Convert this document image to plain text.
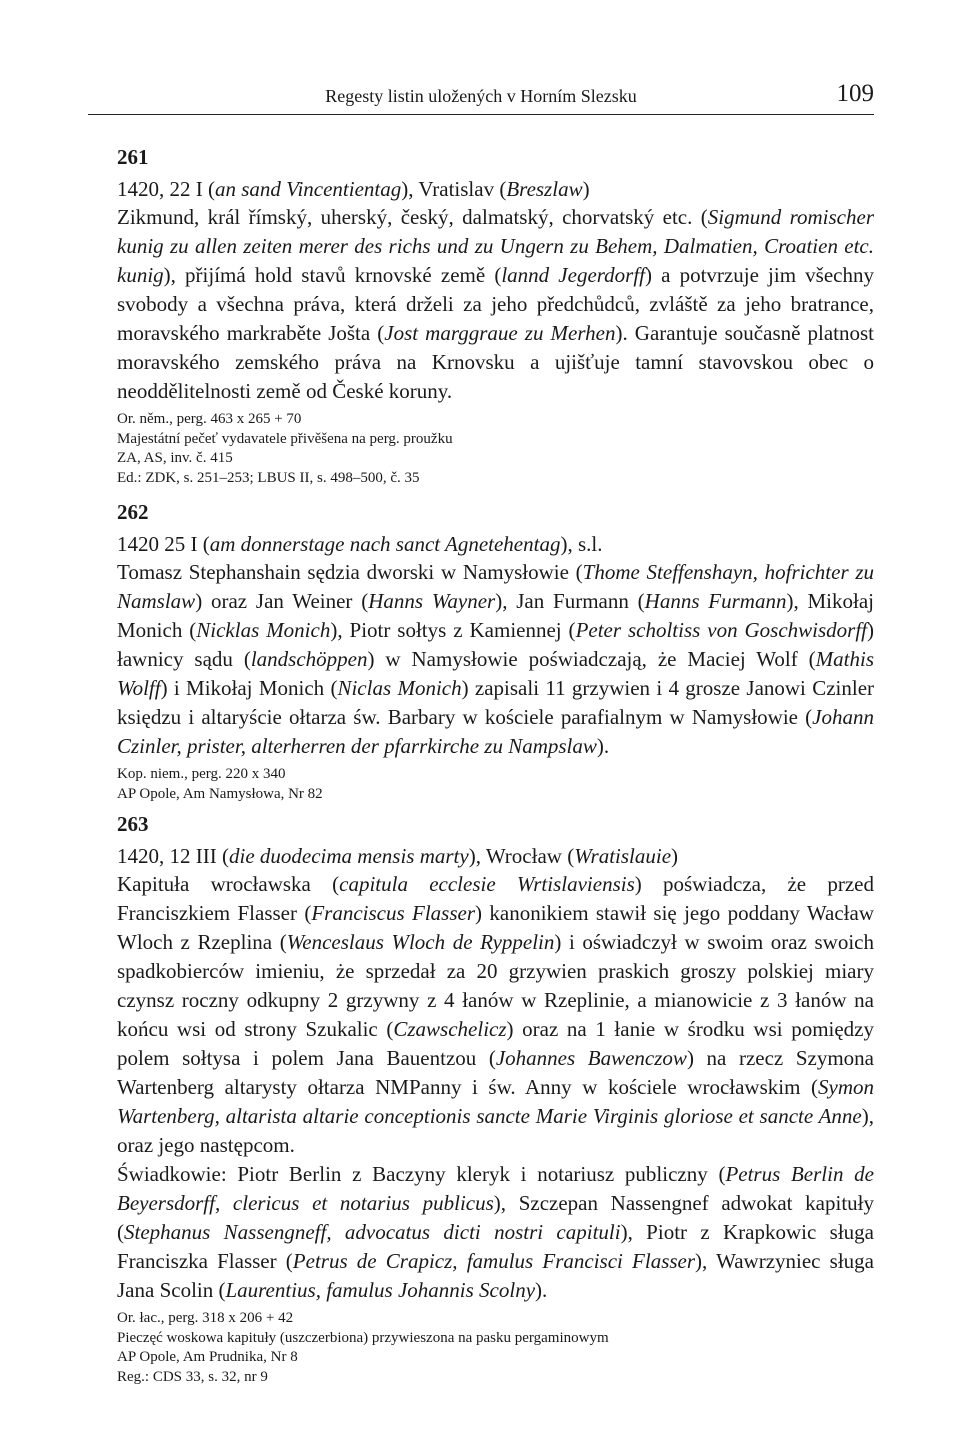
Regesty listin uložených v Horním Slezsku	109
261
1420, 22 I (an sand Vincentientag), Vratislav (Breszlaw)
Zikmund, král římský, uherský, český, dalmatský, chorvatský etc. (Sigmund romischer kunig zu allen zeiten merer des richs und zu Ungern zu Behem, Dalmatien, Croatien etc. kunig), přijímá hold stavů krnovské země (lannd Jegerdorff) a potvrzuje jim všechny svobody a všechna práva, která drželi za jeho předchůdců, zvláště za jeho bratrance, moravského markraběte Jošta (Jost marggraue zu Merhen). Garantuje současně platnost moravského zemského práva na Krnovsku a ujišťuje tamní stavovskou obec o neoddělitelnosti země od České koruny.
Or. něm., perg. 463 x 265 + 70
Majestátní pečeť vydavatele přivěšena na perg. proužku
ZA, AS, inv. č. 415
Ed.: ZDK, s. 251–253; LBUS II, s. 498–500, č. 35
262
1420 25 I (am donnerstage nach sanct Agnetehentag), s.l.
Tomasz Stephanshain sędzia dworski w Namysłowie (Thome Steffenshayn, hofrichter zu Namslaw) oraz Jan Weiner (Hanns Wayner), Jan Furmann (Hanns Furmann), Mikołaj Monich (Nicklas Monich), Piotr sołtys z Kamiennej (Peter scholtiss von Goschwisdorff) ławnicy sądu (landschöppen) w Namysłowie poświadczają, że Maciej Wolf (Mathis Wolff) i Mikołaj Monich (Niclas Monich) zapisali 11 grzywien i 4 grosze Janowi Czinler księdzu i altaryście ołtarza św. Barbary w kościele parafialnym w Namysłowie (Johann Czinler, prister, alterherren der pfarrkirche zu Nampslaw).
Kop. niem., perg. 220 x 340
AP Opole, Am Namysłowa, Nr 82
263
1420, 12 III (die duodecima mensis marty), Wrocław (Wratislauie)
Kapituła wrocławska (capitula ecclesie Wrtislaviensis) poświadcza, że przed Franciszkiem Flasser (Franciscus Flasser) kanonikiem stawił się jego poddany Wacław Wloch z Rzeplina (Wenceslaus Wloch de Ryppelin) i oświadczył w swoim oraz swoich spadkobierców imieniu, że sprzedał za 20 grzywien praskich groszy polskiej miary czynsz roczny odkupny 2 grzywny z 4 łanów w Rzeplinie, a mianowicie z 3 łanów na końcu wsi od strony Szukalic (Czawschelicz) oraz na 1 łanie w środku wsi pomiędzy polem sołtysa i polem Jana Bauentzou (Johannes Bawenczow) na rzecz Szymona Wartenberg altarysty ołtarza NMPanny i św. Anny w kościele wrocławskim (Symon Wartenberg, altarista altarie conceptionis sancte Marie Virginis gloriose et sancte Anne), oraz jego następcom.
Świadkowie: Piotr Berlin z Baczyny kleryk i notariusz publiczny (Petrus Berlin de Beyersdorff, clericus et notarius publicus), Szczepan Nassengnef adwokat kapituły (Stephanus Nassengneff, advocatus dicti nostri capituli), Piotr z Krapkowic sługa Franciszka Flasser (Petrus de Crapicz, famulus Francisci Flasser), Wawrzyniec sługa Jana Scolin (Laurentius, famulus Johannis Scolny).
Or. łac., perg. 318 x 206 + 42
Pieczęć woskowa kapituły (uszczerbiona) przywieszona na pasku pergaminowym
AP Opole, Am Prudnika, Nr 8
Reg.: CDS 33, s. 32, nr 9
